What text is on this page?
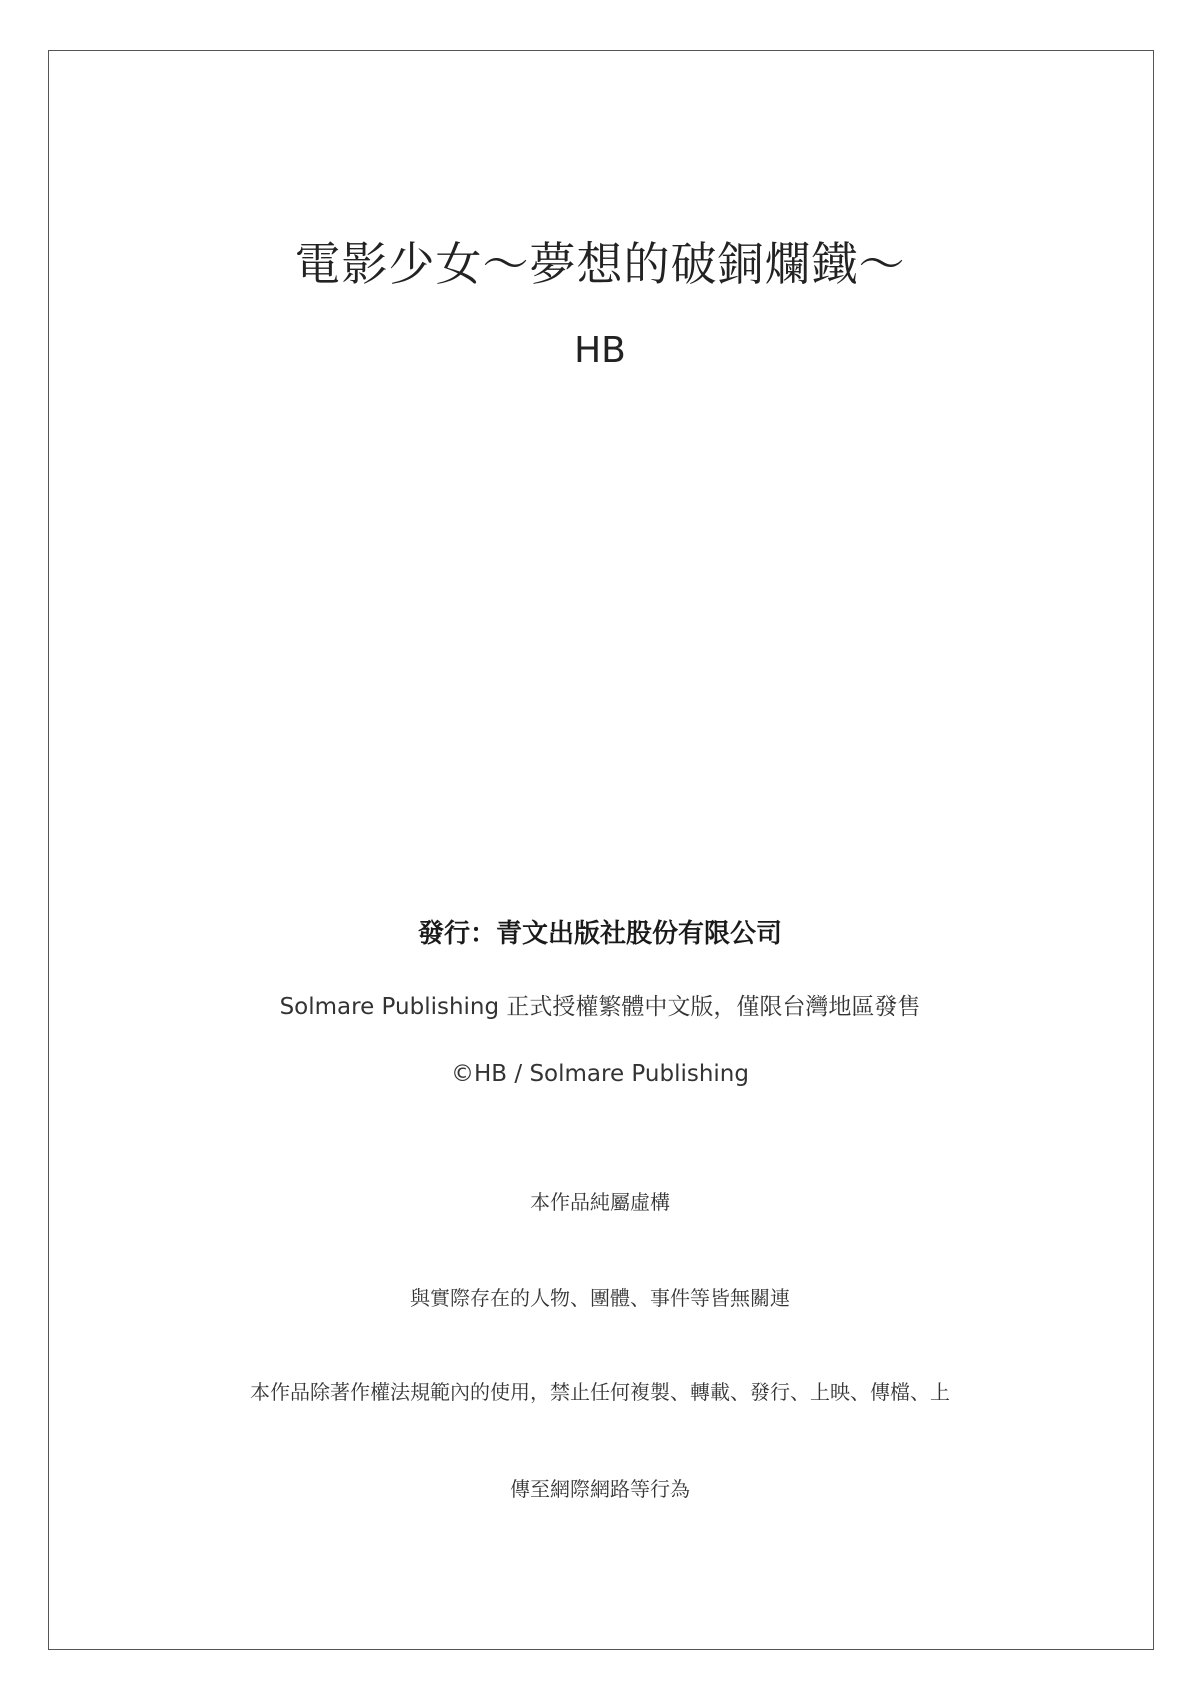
電影少女～夢想的破銅爛鐵～
HB
發行：青文出版社股份有限公司
Solmare Publishing 正式授權繁體中文版，僅限台灣地區發售
©HB / Solmare Publishing
本作品純屬虛構
與實際存在的人物、團體、事件等皆無關連
本作品除著作權法規範內的使用，禁止任何複製、轉載、發行、上映、傳檔、上
傳至網際網路等行為
